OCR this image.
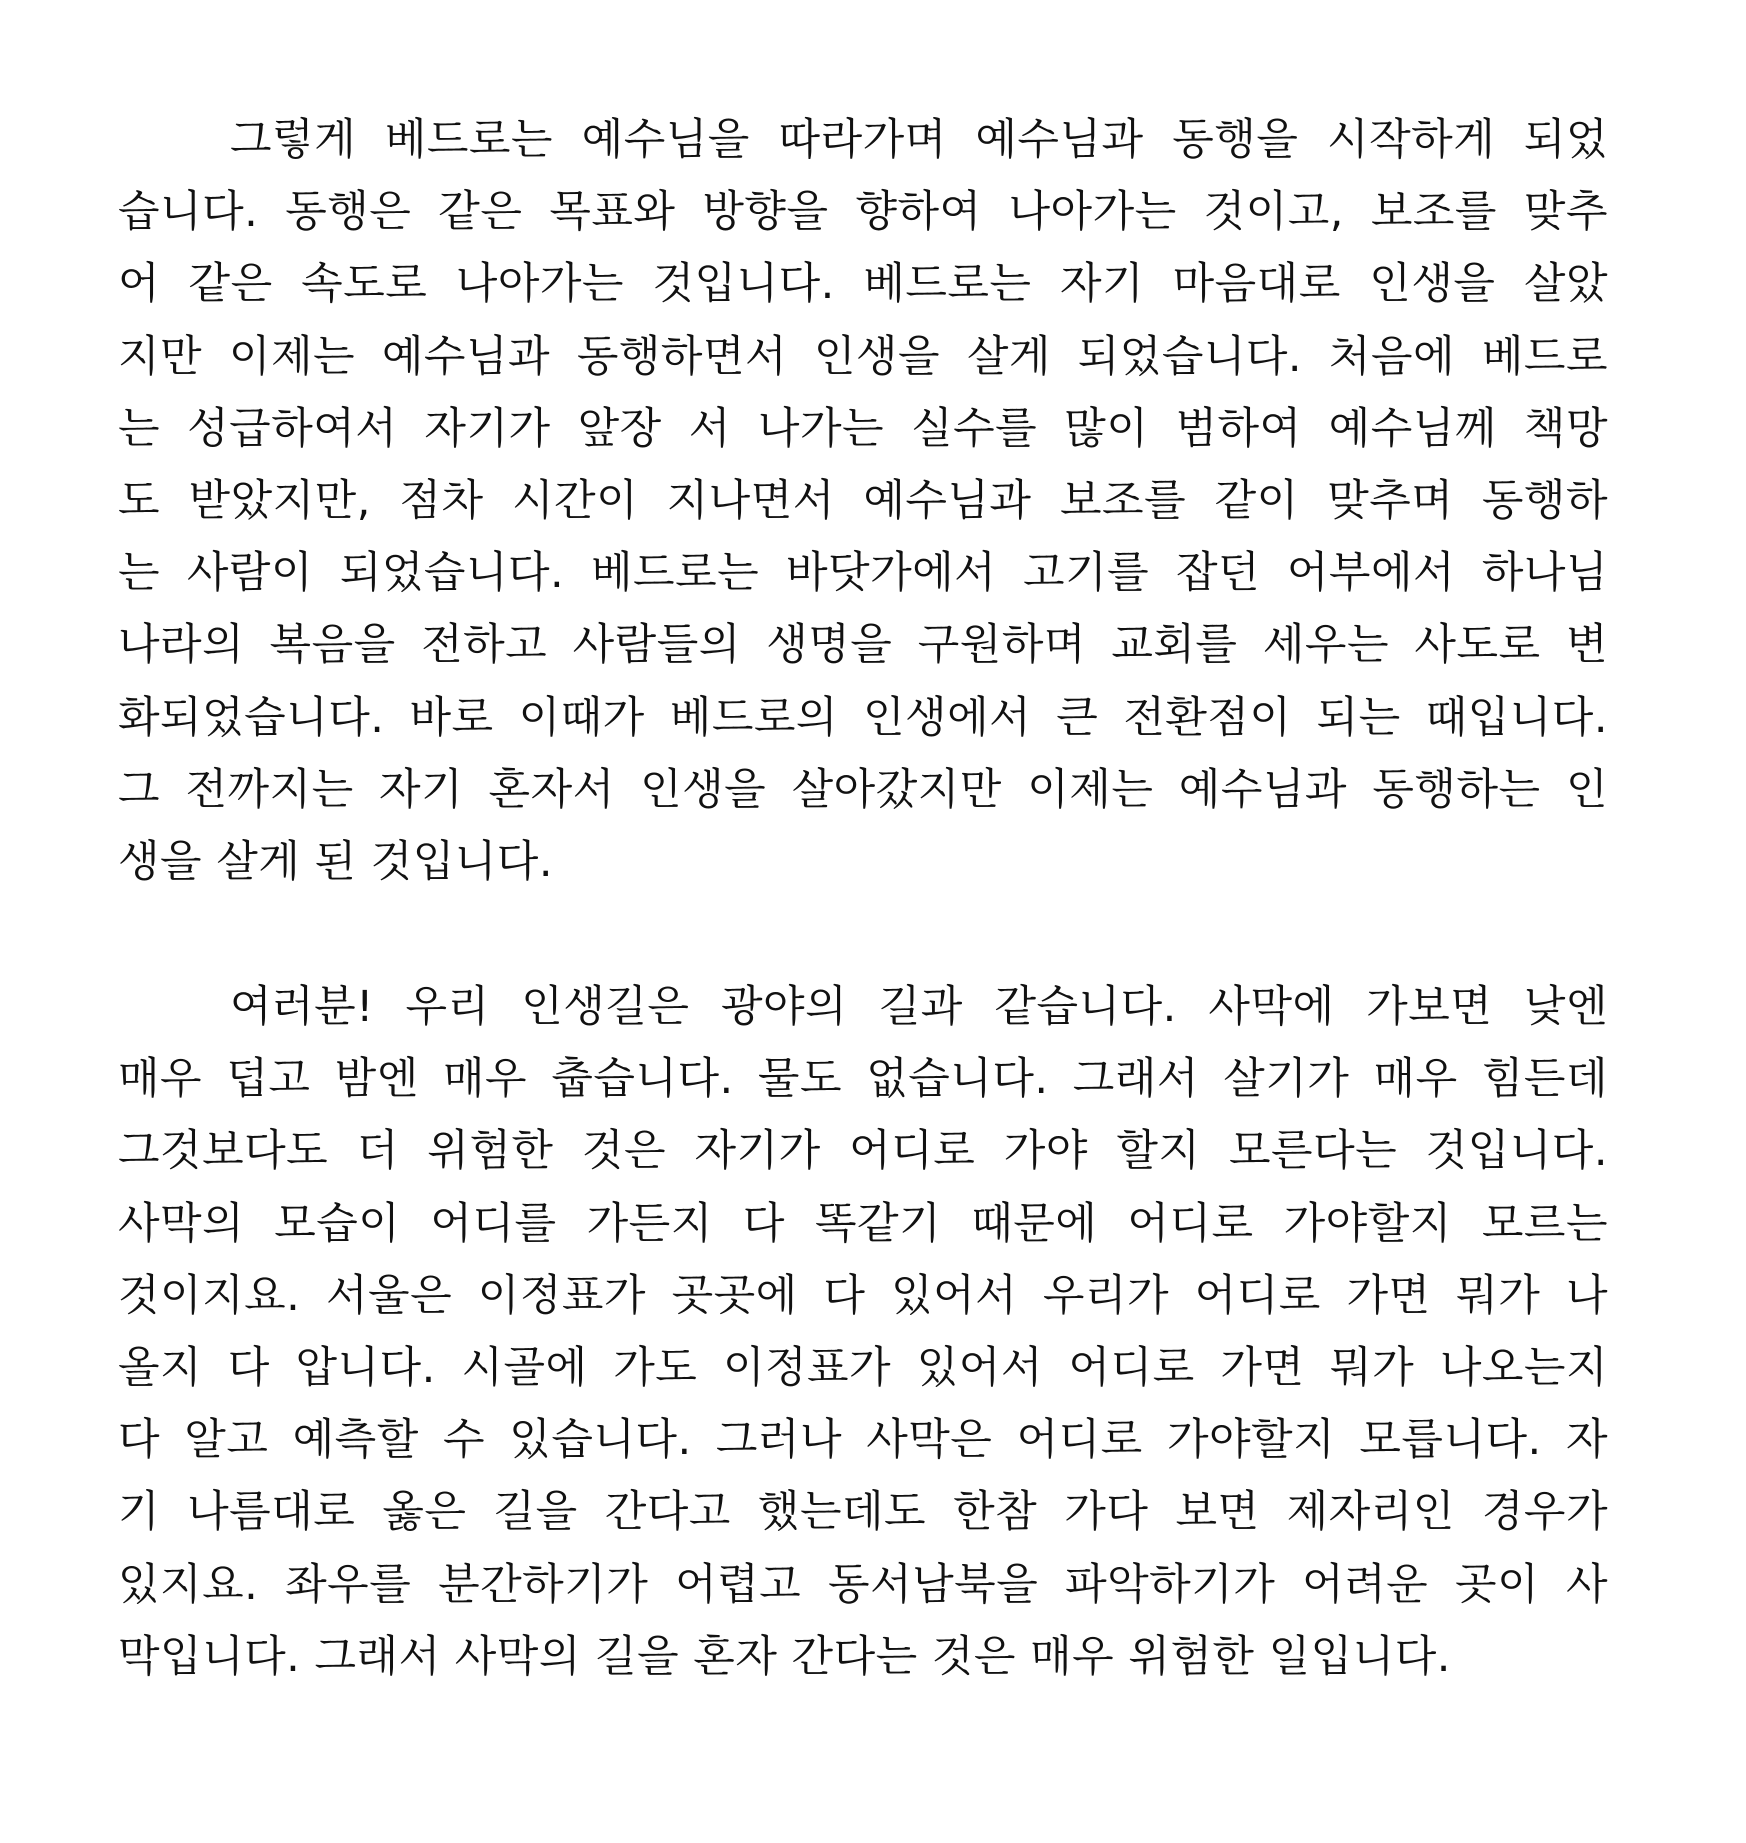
그렇게 베드로는 예수님을 따라가며 예수님과 동행을 시작하게 되었
습니다. 동행은 같은 목표와 방향을 향하여 나아가는 것이고, 보조를 맞추
어 같은 속도로 나아가는 것입니다. 베드로는 자기 마음대로 인생을 살았
지만 이제는 예수님과 동행하면서 인생을 살게 되었습니다. 처음에 베드로
는 성급하여서 자기가 앞장 서 나가는 실수를 많이 범하여 예수님께 책망
도 받았지만, 점차 시간이 지나면서 예수님과 보조를 같이 맞추며 동행하
는 사람이 되었습니다. 베드로는 바닷가에서 고기를 잡던 어부에서 하나님
나라의 복음을 전하고 사람들의 생명을 구원하며 교회를 세우는 사도로 변
화되었습니다. 바로 이때가 베드로의 인생에서 큰 전환점이 되는 때입니다.
그 전까지는 자기 혼자서 인생을 살아갔지만 이제는 예수님과 동행하는 인
생을 살게 된 것입니다.
여러분! 우리 인생길은 광야의 길과 같습니다. 사막에 가보면 낮엔
매우 덥고 밤엔 매우 춥습니다. 물도 없습니다. 그래서 살기가 매우 힘든데
그것보다도 더 위험한 것은 자기가 어디로 가야 할지 모른다는 것입니다.
사막의 모습이 어디를 가든지 다 똑같기 때문에 어디로 가야할지 모르는
것이지요. 서울은 이정표가 곳곳에 다 있어서 우리가 어디로 가면 뭐가 나
올지 다 압니다. 시골에 가도 이정표가 있어서 어디로 가면 뭐가 나오는지
다 알고 예측할 수 있습니다. 그러나 사막은 어디로 가야할지 모릅니다. 자
기 나름대로 옳은 길을 간다고 했는데도 한참 가다 보면 제자리인 경우가
있지요. 좌우를 분간하기가 어렵고 동서남북을 파악하기가 어려운 곳이 사
막입니다. 그래서 사막의 길을 혼자 간다는 것은 매우 위험한 일입니다.
